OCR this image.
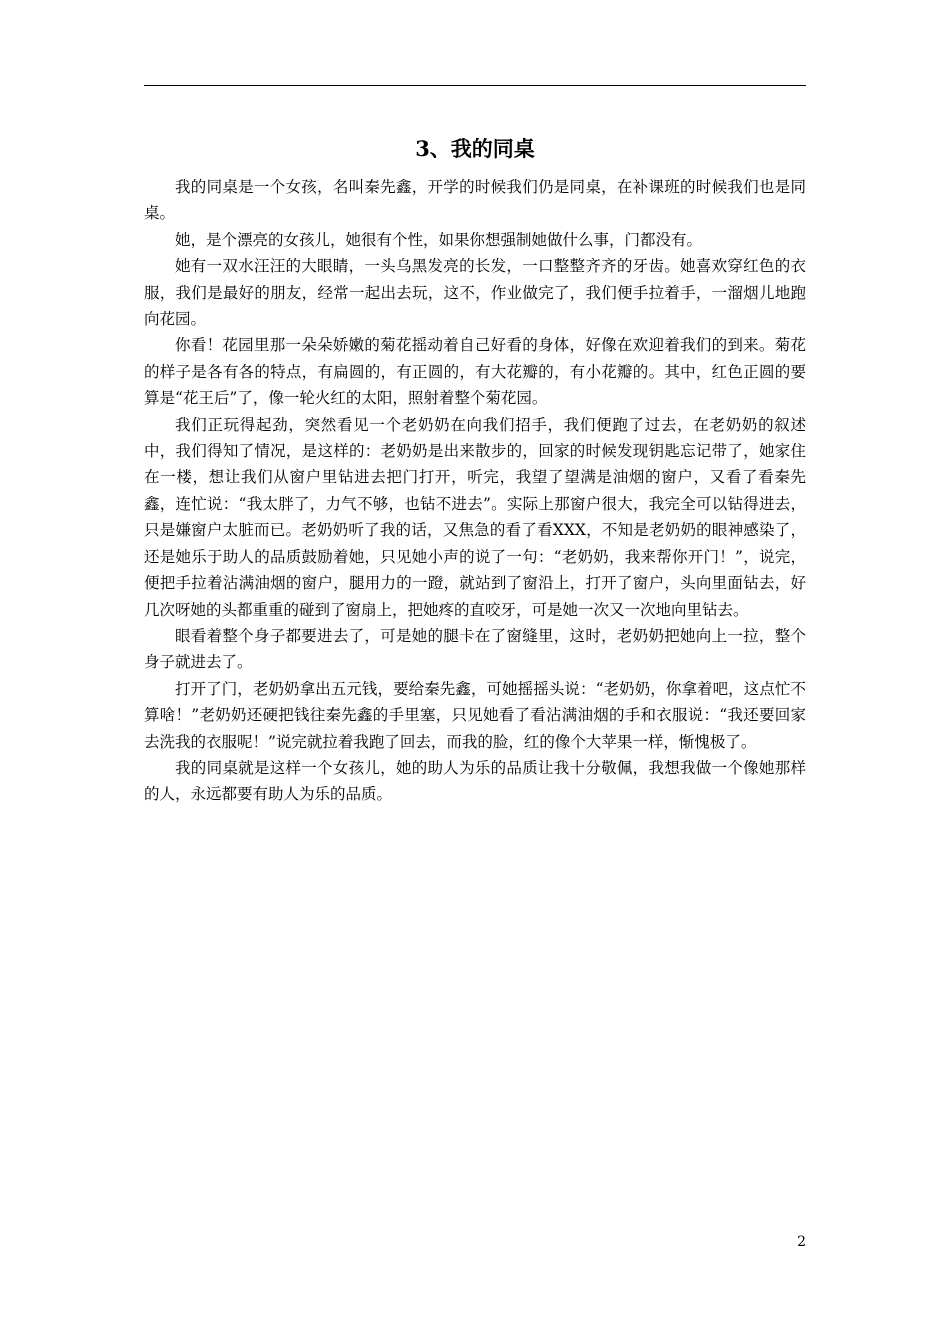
3、我的同桌

我的同桌是一个女孩，名叫秦先鑫，开学的时候我们仍是同桌，在补课班的时候我们也是同桌。

她，是个漂亮的女孩儿，她很有个性，如果你想强制她做什么事，门都没有。

她有一双水汪汪的大眼睛，一头乌黑发亮的长发，一口整整齐齐的牙齿。她喜欢穿红色的衣服，我们是最好的朋友，经常一起出去玩，这不，作业做完了，我们便手拉着手，一溜烟儿地跑向花园。

你看！花园里那一朵朵娇嫩的菊花摇动着自己好看的身体，好像在欢迎着我们的到来。菊花的样子是各有各的特点，有扁圆的，有正圆的，有大花瓣的，有小花瓣的。其中，红色正圆的要算是“花王后”了，像一轮火红的太阳，照射着整个菊花园。

我们正玩得起劲，突然看见一个老奶奶在向我们招手，我们便跑了过去，在老奶奶的叙述中，我们得知了情况，是这样的：老奶奶是出来散步的，回家的时候发现钥匙忘记带了，她家住在一楼，想让我们从窗户里钻进去把门打开，听完，我望了望满是油烟的窗户，又看了看秦先鑫，连忙说：“我太胖了，力气不够，也钻不进去”。实际上那窗户很大，我完全可以钻得进去，只是嫌窗户太脏而已。老奶奶听了我的话，又焦急的看了看XXX，不知是老奶奶的眼神感染了，还是她乐于助人的品质鼓励着她，只见她小声的说了一句：“老奶奶，我来帮你开门！”，说完，便把手拉着沾满油烟的窗户，腿用力的一蹬，就站到了窗沿上，打开了窗户，头向里面钻去，好几次呀她的头都重重的碰到了窗扇上，把她疼的直咬牙，可是她一次又一次地向里钻去。

眼看着整个身子都要进去了，可是她的腿卡在了窗缝里，这时，老奶奶把她向上一拉，整个身子就进去了。

打开了门，老奶奶拿出五元钱，要给秦先鑫，可她摇摇头说：“老奶奶，你拿着吧，这点忙不算啥！”老奶奶还硬把钱往秦先鑫的手里塞，只见她看了看沾满油烟的手和衣服说：“我还要回家去洗我的衣服呢！”说完就拉着我跑了回去，而我的脸，红的像个大苹果一样，惭愧极了。

我的同桌就是这样一个女孩儿，她的助人为乐的品质让我十分敬佩，我想我做一个像她那样的人，永远都要有助人为乐的品质。

2
